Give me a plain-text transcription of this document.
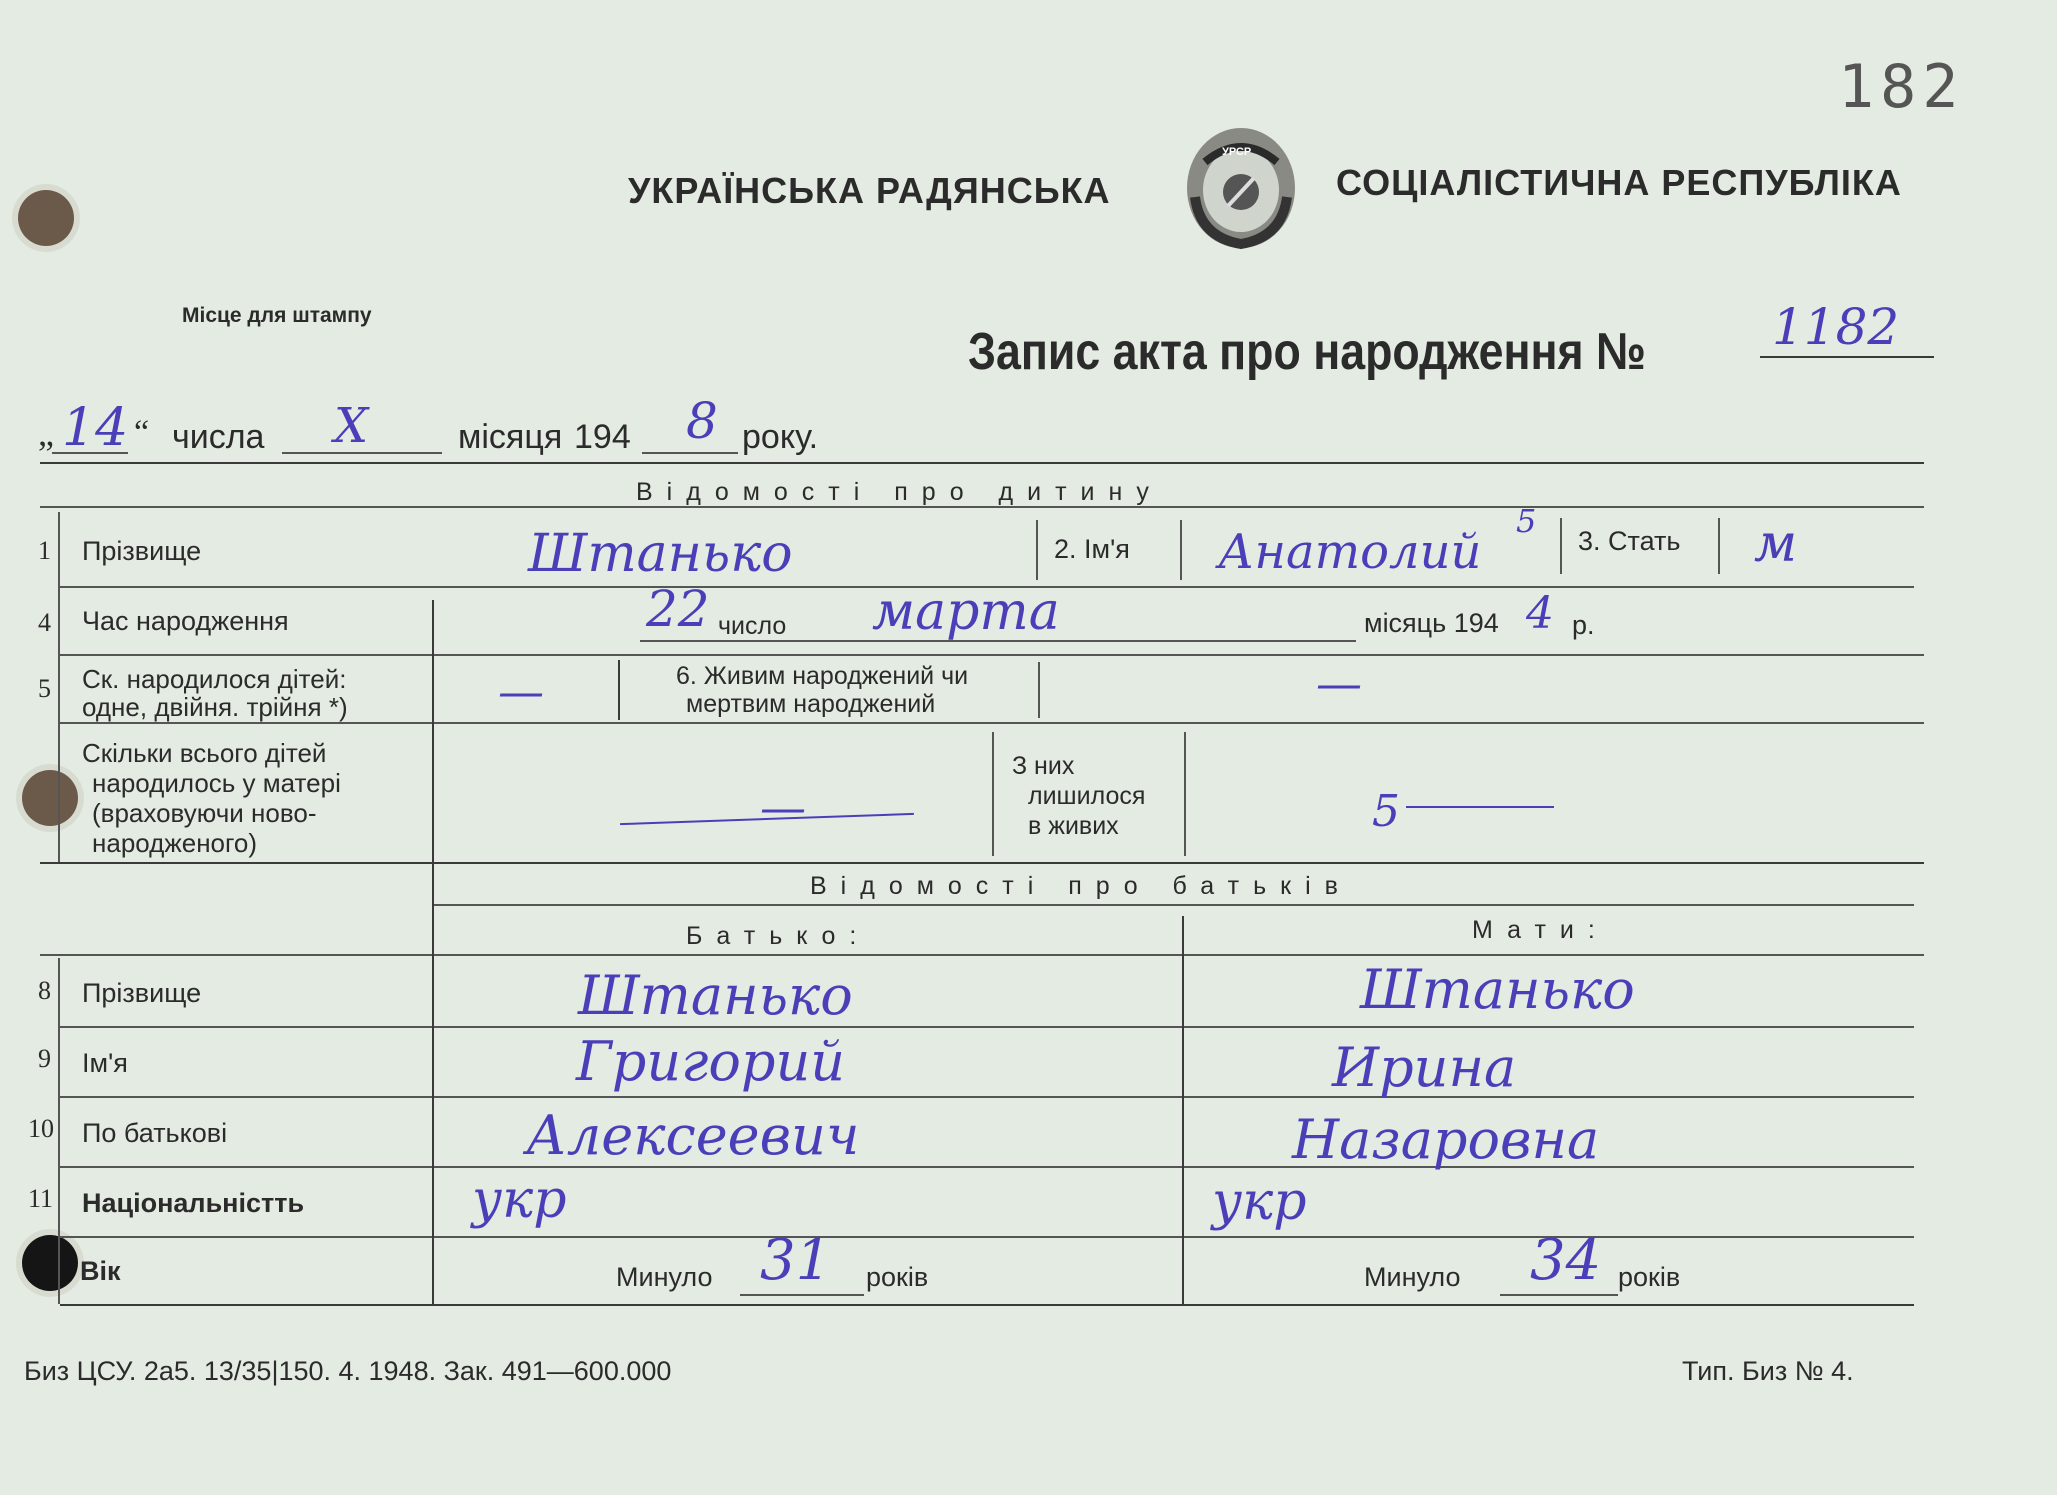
182
УКРАЇНСЬКА РАДЯНСЬКА
УРСР
СОЦІАЛІСТИЧНА РЕСПУБЛІКА
Місце для штампу
Запис акта про народження №	1182
„ 14 “ числа X	місяця 194 8 року.
Відомості про дитину
1 Прізвище	Штанько	2. Ім'я Анатолий
5
3. Стать м
4 Час народження	22 число марта	місяць 194 4 р.
5 Ск. народилося дітей:
одне, двійня. трійня *)	—	6. Живим народжений чи
мертвим народжений	—
Скільки всього дітей
народилось у матері
(враховуючи ново-
народженого)
—
З них
лишилося
в живих	5
Відомості про батьків
Батько:	Мати:
8 Прізвище	Штанько	Штанько
9 Ім'я	Григорий	Ирина
10 По батькові	Алексеевич	Назаровна
11 Національністть	укр	укр
Вік	Минуло 31 років	Минуло 34 років
Биз ЦСУ. 2а5. 13/35|150. 4. 1948. Зак. 491—600.000	Тип. Биз № 4.
